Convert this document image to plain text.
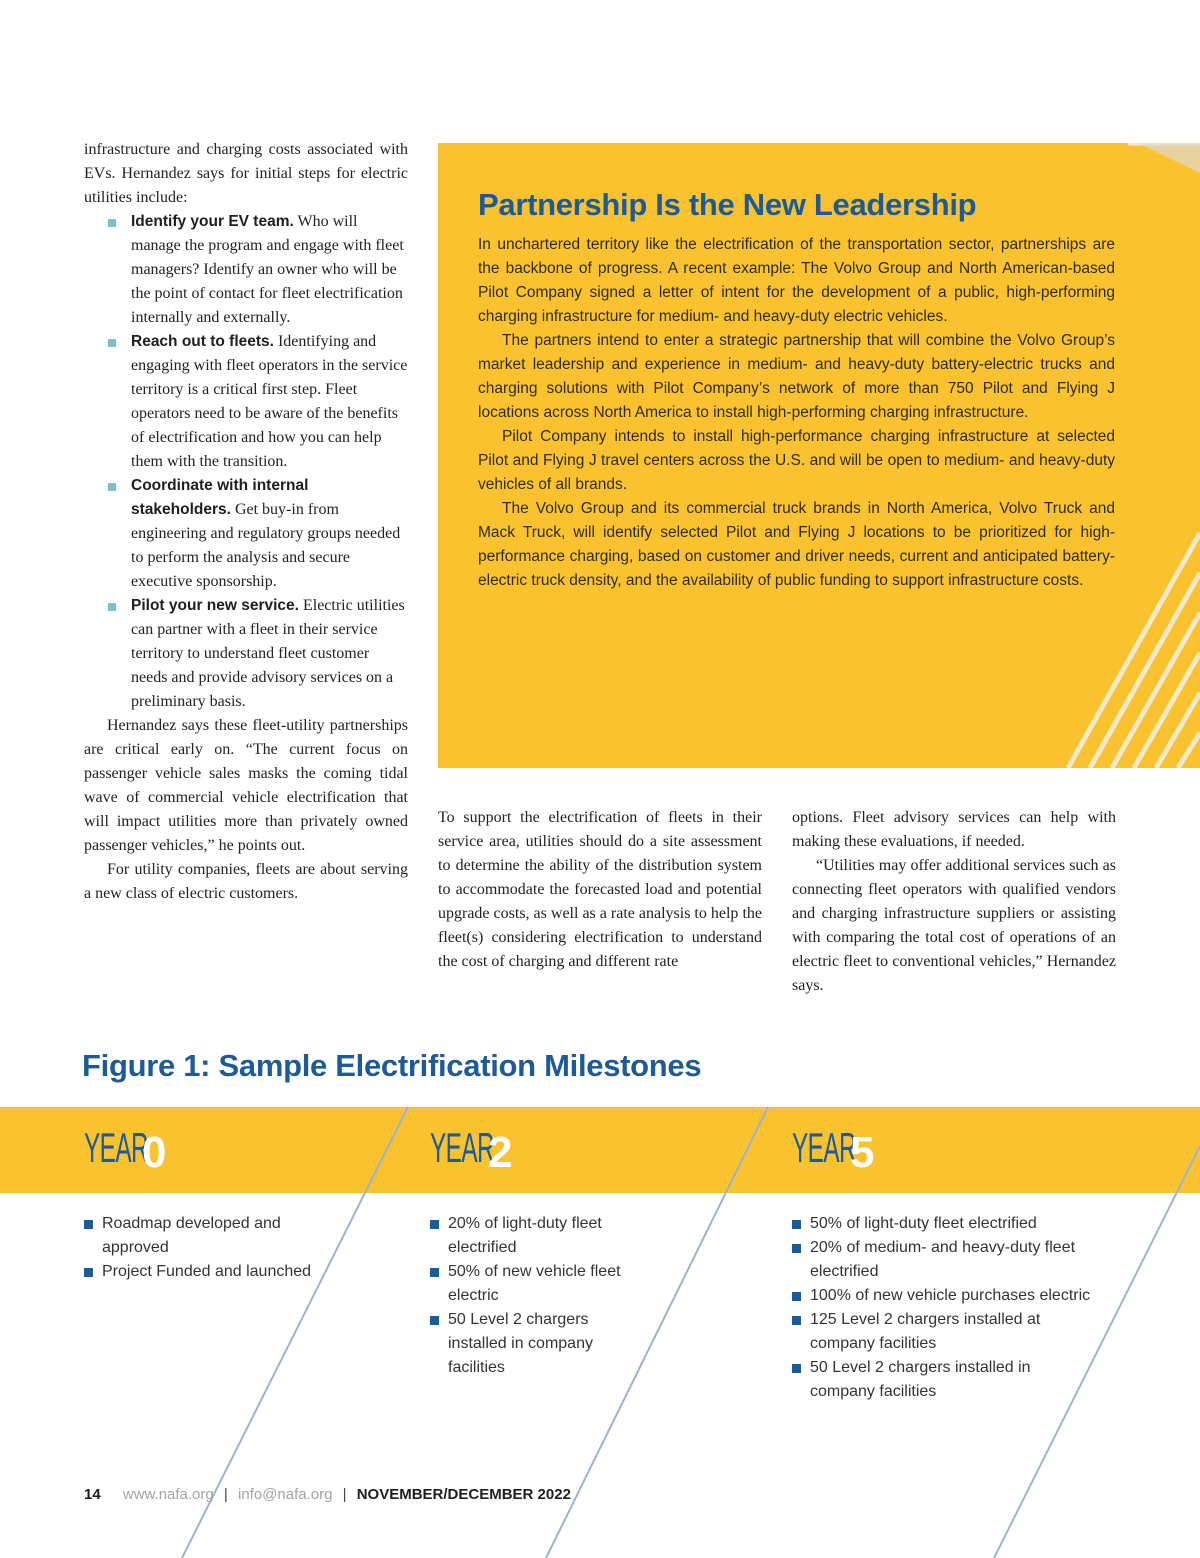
infrastructure and charging costs associated with EVs. Hernandez says for initial steps for electric utilities include:

Identify your EV team. Who will manage the program and engage with fleet managers? Identify an owner who will be the point of contact for fleet electrification internally and externally.
Reach out to fleets. Identifying and engaging with fleet operators in the service territory is a critical first step. Fleet operators need to be aware of the benefits of electrification and how you can help them with the transition.
Coordinate with internal stakeholders. Get buy-in from engineering and regulatory groups needed to perform the analysis and secure executive sponsorship.
Pilot your new service. Electric utilities can partner with a fleet in their service territory to understand fleet customer needs and provide advisory services on a preliminary basis.

Hernandez says these fleet-utility partnerships are critical early on. “The current focus on passenger vehicle sales masks the coming tidal wave of commercial vehicle electrification that will impact utilities more than privately owned passenger vehicles,” he points out.

For utility companies, fleets are about serving a new class of electric customers.

Partnership Is the New Leadership

In unchartered territory like the electrification of the transportation sector, partnerships are the backbone of progress. A recent example: The Volvo Group and North American-based Pilot Company signed a letter of intent for the development of a public, high-performing charging infrastructure for medium- and heavy-duty electric vehicles.

The partners intend to enter a strategic partnership that will combine the Volvo Group’s market leadership and experience in medium- and heavy-duty battery-electric trucks and charging solutions with Pilot Company’s network of more than 750 Pilot and Flying J locations across North America to install high-performing charging infrastructure.

Pilot Company intends to install high-performance charging infrastructure at selected Pilot and Flying J travel centers across the U.S. and will be open to medium- and heavy-duty vehicles of all brands.

The Volvo Group and its commercial truck brands in North America, Volvo Truck and Mack Truck, will identify selected Pilot and Flying J locations to be prioritized for high-performance charging, based on customer and driver needs, current and anticipated battery-electric truck density, and the availability of public funding to support infrastructure costs.

To support the electrification of fleets in their service area, utilities should do a site assessment to determine the ability of the distribution system to accommodate the forecasted load and potential upgrade costs, as well as a rate analysis to help the fleet(s) considering electrification to understand the cost of charging and different rate

options. Fleet advisory services can help with making these evaluations, if needed.

“Utilities may offer additional services such as connecting fleet operators with qualified vendors and charging infrastructure suppliers or assisting with comparing the total cost of operations of an electric fleet to conventional vehicles,” Hernandez says.

Figure 1: Sample Electrification Milestones
YEAR
0	YEAR
2	YEAR
5
Roadmap developed and approved
Project Funded and launched
20% of light-duty fleet electrified
50% of new vehicle fleet electric
50 Level 2 chargers installed in company facilities
50% of light-duty fleet electrified
20% of medium- and heavy-duty fleet electrified
100% of new vehicle purchases electric
125 Level 2 chargers installed at company facilities
50 Level 2 chargers installed in company facilities
14 www.nafa.org | info@nafa.org | NOVEMBER/DECEMBER 2022
